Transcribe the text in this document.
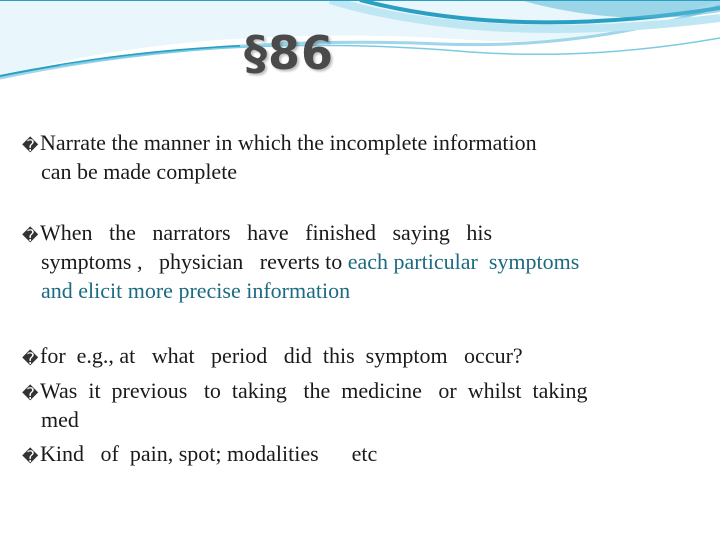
§86
�Narrate the manner in which the incomplete information
can be made complete
�When   the   narrators   have   finished   saying   his
symptoms ,   physician   reverts to each particular  symptoms
and elicit more precise information
�for  e.g., at   what   period   did  this  symptom   occur?
�Was  it  previous   to  taking   the  medicine   or  whilst  taking
med
�Kind   of  pain, spot; modalities      etc
